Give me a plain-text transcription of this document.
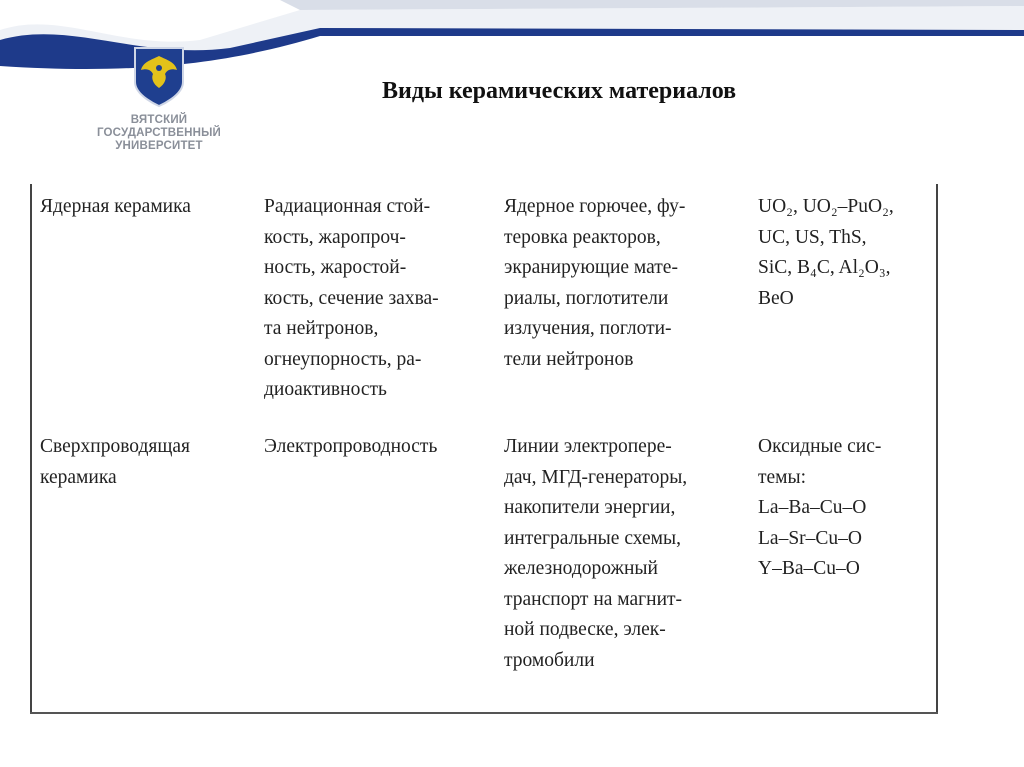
ВЯТСКИЙ
ГОСУДАРСТВЕННЫЙ
УНИВЕРСИТЕТ
Виды керамических материалов
Ядерная керамика	Радиационная стой-
кость, жаропроч-
ность, жаростой-
кость, сечение захва-
та нейтронов,
огнеупорность, ра-
диоактивность
Ядерное горючее, фу-
теровка реакторов,
экранирующие мате-
риалы, поглотители
излучения, поглоти-
тели нейтронов
UO₂, UO₂–PuO₂,
UC, US, ThS,
SiC, B₄C, Al₂O₃,
BeO
Сверхпроводящая
керамика
Электропроводность	Линии электропере-
дач, МГД-генераторы,
накопители энергии,
интегральные схемы,
железнодорожный
транспорт на магнит-
ной подвеске, элек-
тромобили
Оксидные сис-
темы:
La–Ba–Cu–O
La–Sr–Cu–O
Y–Ba–Cu–O
